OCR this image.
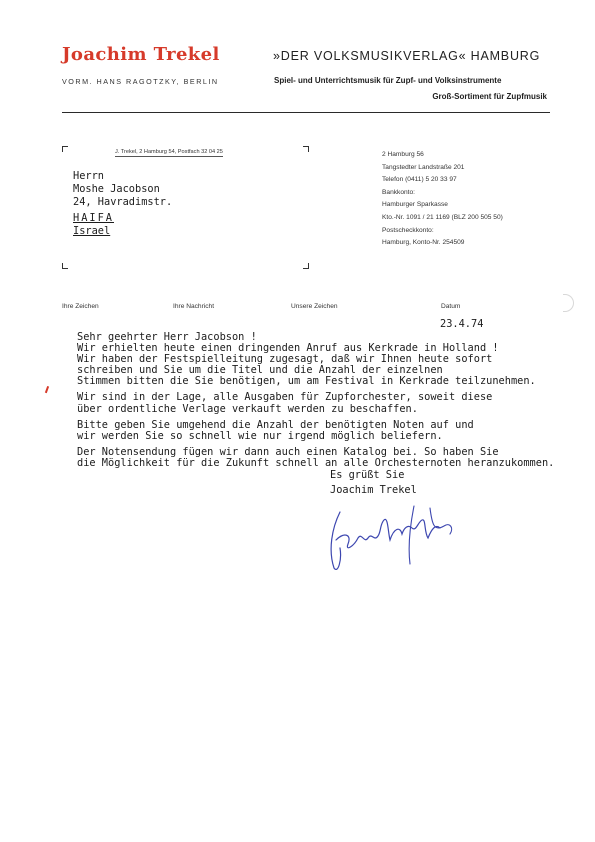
Joachim Trekel	»DER VOLKSMUSIKVERLAG« HAMBURG
VORM. HANS RAGOTZKY, BERLIN	Spiel- und Unterrichtsmusik für Zupf- und Volksinstrumente
Groß-Sortiment für Zupfmusik
J. Trekel, 2 Hamburg 54, Postfach 32 04 25
Herrn
Moshe Jacobson
24, Havradimstr.
HAIFA
Israel
2 Hamburg 56
Tangstedter Landstraße 201
Telefon (0411) 5 20 33 97
Bankkonto:
Hamburger Sparkasse
Kto.-Nr. 1091 / 21 1169 (BLZ 200 505 50)
Postscheckkonto:
Hamburg, Konto-Nr. 254509
Ihre Zeichen	Ihre Nachricht	Unsere Zeichen	Datum
23.4.74
Sehr geehrter Herr Jacobson !
Wir erhielten heute einen dringenden Anruf aus Kerkrade in Holland !
Wir haben der Festspielleitung zugesagt, daß wir Ihnen heute sofort
schreiben und Sie um die Titel und die Anzahl der einzelnen
Stimmen bitten die Sie benötigen, um am Festival in Kerkrade teilzunehmen.
Wir sind in der Lage, alle Ausgaben für Zupforchester, soweit diese
über ordentliche Verlage verkauft werden zu beschaffen.
Bitte geben Sie umgehend die Anzahl der benötigten Noten auf und
wir werden Sie so schnell wie nur irgend möglich beliefern.
Der Notensendung fügen wir dann auch einen Katalog bei. So haben Sie
die Möglichkeit für die Zukunft schnell an alle Orchesternoten heranzukommen.
Es grüßt Sie
Joachim Trekel
